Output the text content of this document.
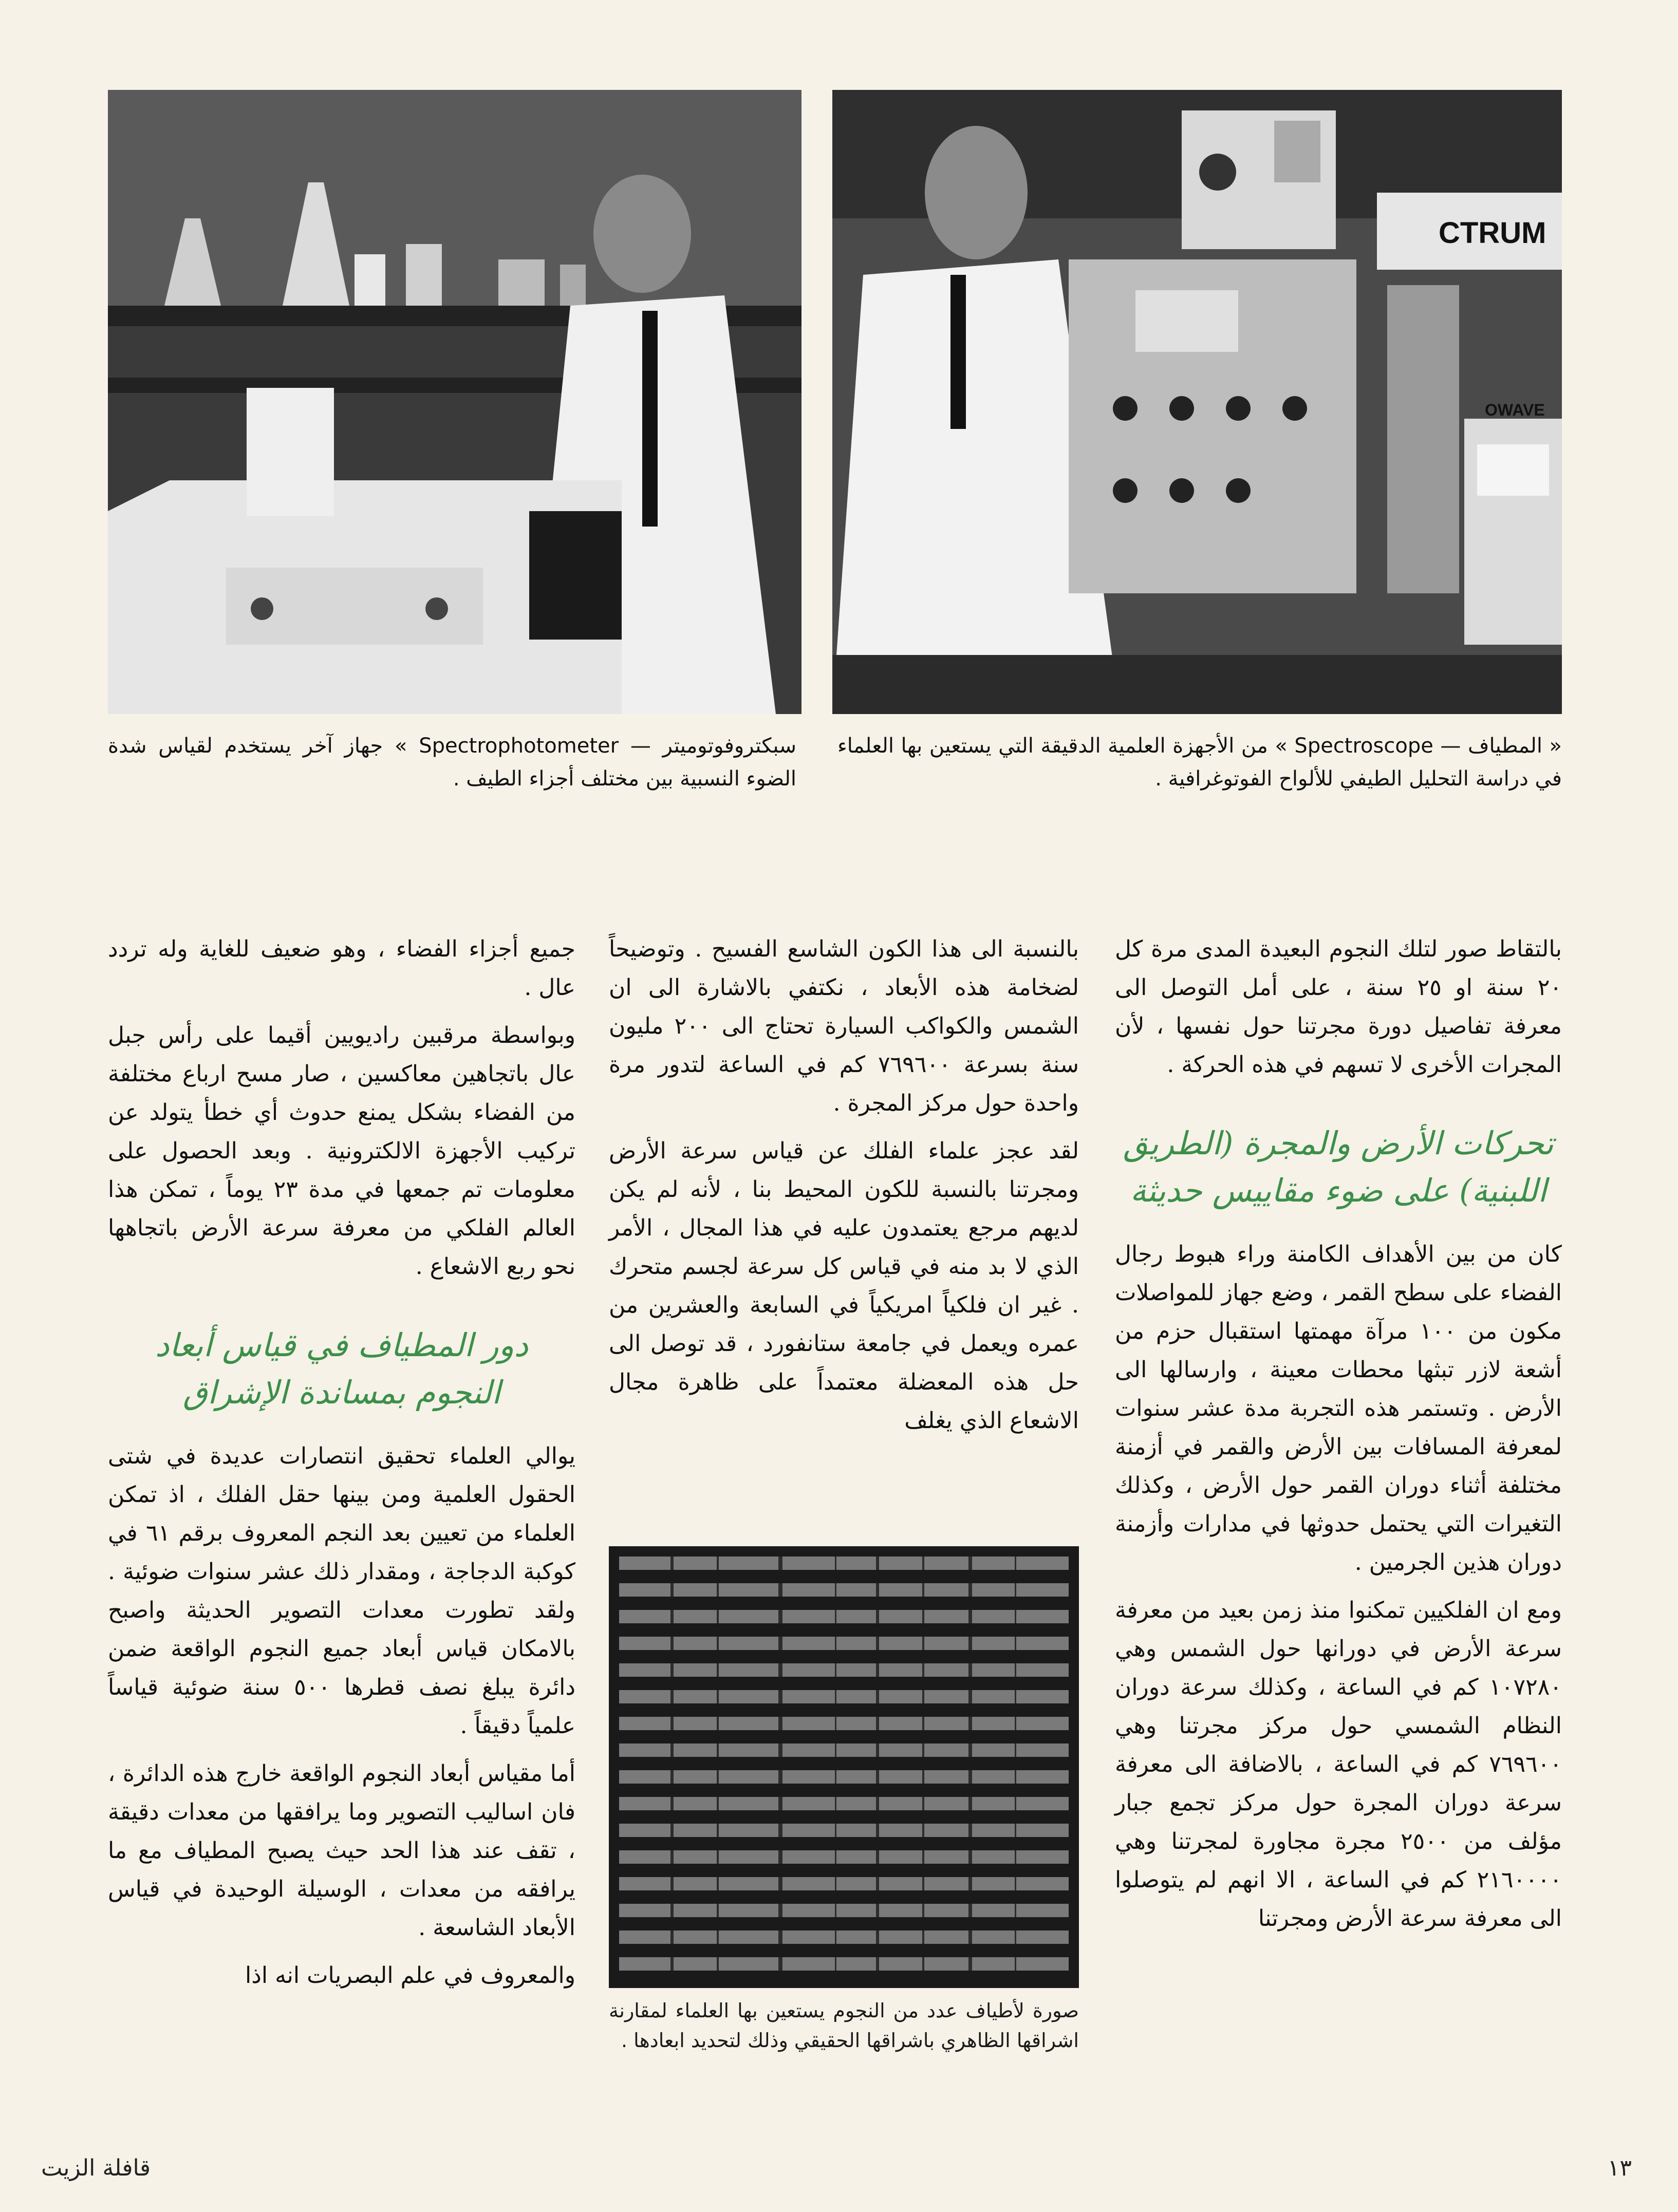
CTRUM
OWAVE
« المطياف — Spectroscope » من الأجهزة العلمية الدقيقة التي يستعين بها العلماء في دراسة التحليل الطيفي للألواح الفوتوغرافية .
سبكتروفوتوميتر — Spectrophotometer » جهاز آخر يستخدم لقياس شدة الضوء النسبية بين مختلف أجزاء الطيف .

بالتقاط صور لتلك النجوم البعيدة المدى مرة كل ٢٠ سنة او ٢٥ سنة ، على أمل التوصل الى معرفة تفاصيل دورة مجرتنا حول نفسها ، لأن المجرات الأخرى لا تسهم في هذه الحركة .

تحركات الأرض والمجرة (الطريق اللبنية) على ضوء مقاييس حديثة

كان من بين الأهداف الكامنة وراء هبوط رجال الفضاء على سطح القمر ، وضع جهاز للمواصلات مكون من ١٠٠ مرآة مهمتها استقبال حزم من أشعة لازر تبثها محطات معينة ، وارسالها الى الأرض . وتستمر هذه التجربة مدة عشر سنوات لمعرفة المسافات بين الأرض والقمر في أزمنة مختلفة أثناء دوران القمر حول الأرض ، وكذلك التغيرات التي يحتمل حدوثها في مدارات وأزمنة دوران هذين الجرمين .

ومع ان الفلكيين تمكنوا منذ زمن بعيد من معرفة سرعة الأرض في دورانها حول الشمس وهي ١٠٧٢٨٠ كم في الساعة ، وكذلك سرعة دوران النظام الشمسي حول مركز مجرتنا وهي ٧٦٩٦٠٠ كم في الساعة ، بالاضافة الى معرفة سرعة دوران المجرة حول مركز تجمع جبار مؤلف من ٢٥٠٠ مجرة مجاورة لمجرتنا وهي ٢١٦٠٠٠٠ كم في الساعة ، الا انهم لم يتوصلوا الى معرفة سرعة الأرض ومجرتنا

بالنسبة الى هذا الكون الشاسع الفسيح . وتوضيحاً لضخامة هذه الأبعاد ، نكتفي بالاشارة الى ان الشمس والكواكب السيارة تحتاج الى ٢٠٠ مليون سنة بسرعة ٧٦٩٦٠٠ كم في الساعة لتدور مرة واحدة حول مركز المجرة .

لقد عجز علماء الفلك عن قياس سرعة الأرض ومجرتنا بالنسبة للكون المحيط بنا ، لأنه لم يكن لديهم مرجع يعتمدون عليه في هذا المجال ، الأمر الذي لا بد منه في قياس كل سرعة لجسم متحرك . غير ان فلكياً امريكياً في السابعة والعشرين من عمره ويعمل في جامعة ستانفورد ، قد توصل الى حل هذه المعضلة معتمداً على ظاهرة مجال الاشعاع الذي يغلف

صورة لأطياف عدد من النجوم يستعين بها العلماء لمقارنة اشراقها الظاهري باشراقها الحقيقي وذلك لتحديد ابعادها .

جميع أجزاء الفضاء ، وهو ضعيف للغاية وله تردد عال .

وبواسطة مرقبين راديويين أقيما على رأس جبل عال باتجاهين معاكسين ، صار مسح ارباع مختلفة من الفضاء بشكل يمنع حدوث أي خطأ يتولد عن تركيب الأجهزة الالكترونية . وبعد الحصول على معلومات تم جمعها في مدة ٢٣ يوماً ، تمكن هذا العالم الفلكي من معرفة سرعة الأرض باتجاهها نحو ربع الاشعاع .

دور المطياف في قياس أبعاد النجوم بمساندة الإشراق

يوالي العلماء تحقيق انتصارات عديدة في شتى الحقول العلمية ومن بينها حقل الفلك ، اذ تمكن العلماء من تعيين بعد النجم المعروف برقم ٦١ في كوكبة الدجاجة ، ومقدار ذلك عشر سنوات ضوئية . ولقد تطورت معدات التصوير الحديثة واصبح بالامكان قياس أبعاد جميع النجوم الواقعة ضمن دائرة يبلغ نصف قطرها ٥٠٠ سنة ضوئية قياساً علمياً دقيقاً .

أما مقياس أبعاد النجوم الواقعة خارج هذه الدائرة ، فان اساليب التصوير وما يرافقها من معدات دقيقة ، تقف عند هذا الحد حيث يصبح المطياف مع ما يرافقه من معدات ، الوسيلة الوحيدة في قياس الأبعاد الشاسعة .

والمعروف في علم البصريات انه اذا

١٣
قافلة الزيت
